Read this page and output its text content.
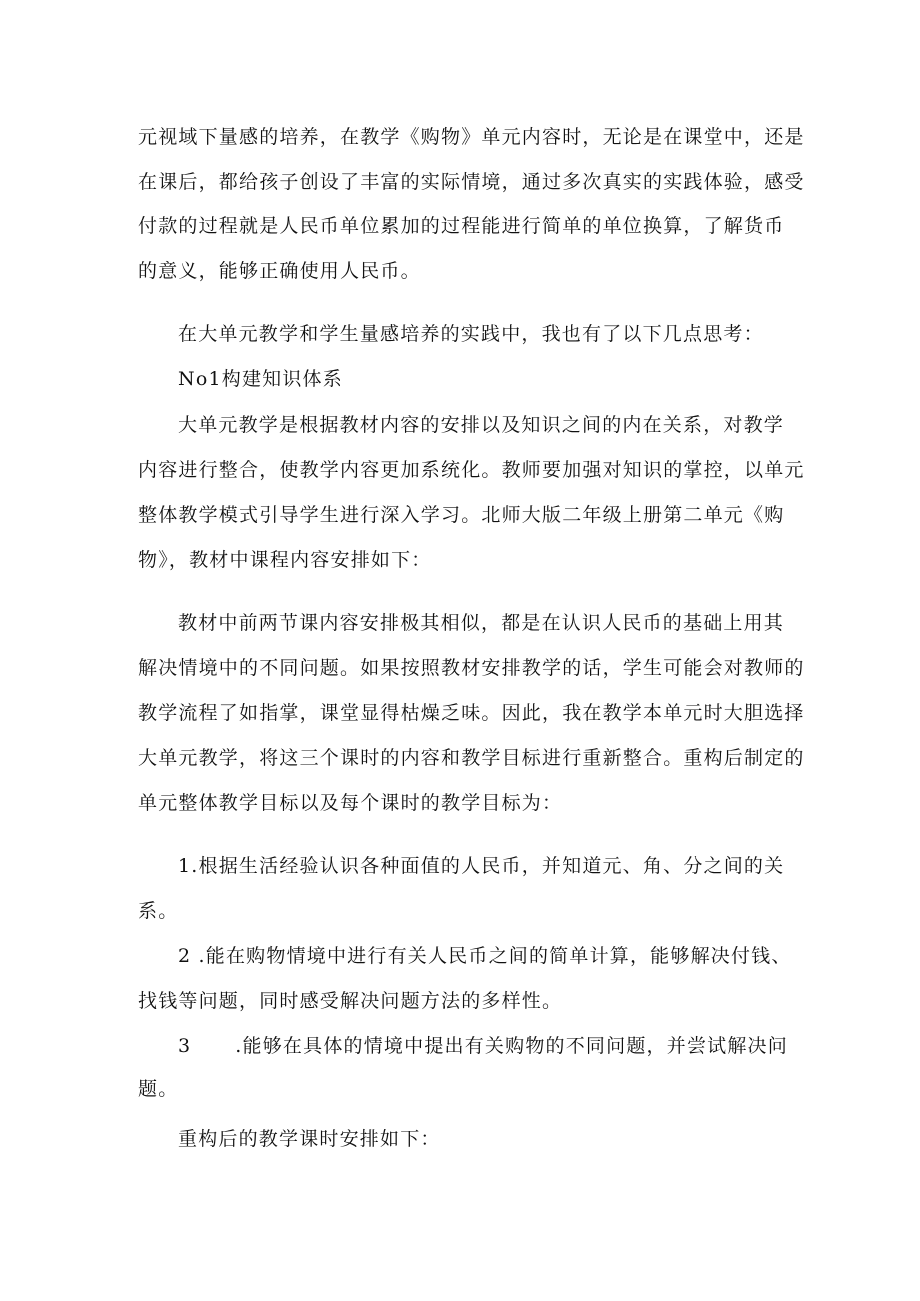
元视域下量感的培养，在教学《购物》单元内容时，无论是在课堂中，还是
在课后，都给孩子创设了丰富的实际情境，通过多次真实的实践体验，感受
付款的过程就是人民币单位累加的过程能进行简单的单位换算，了解货币
的意义，能够正确使用人民币。
在大单元教学和学生量感培养的实践中，我也有了以下几点思考：
No1构建知识体系
大单元教学是根据教材内容的安排以及知识之间的内在关系，对教学
内容进行整合，使教学内容更加系统化。教师要加强对知识的掌控，以单元
整体教学模式引导学生进行深入学习。北师大版二年级上册第二单元《购
物》，教材中课程内容安排如下：
教材中前两节课内容安排极其相似，都是在认识人民币的基础上用其
解决情境中的不同问题。如果按照教材安排教学的话，学生可能会对教师的
教学流程了如指掌，课堂显得枯燥乏味。因此，我在教学本单元时大胆选择
大单元教学，将这三个课时的内容和教学目标进行重新整合。重构后制定的
单元整体教学目标以及每个课时的教学目标为：
1.根据生活经验认识各种面值的人民币，并知道元、角、分之间的关
系。
2 .能在购物情境中进行有关人民币之间的简单计算，能够解决付钱、
找钱等问题，同时感受解决问题方法的多样性。
3 .能够在具体的情境中提出有关购物的不同问题，并尝试解决问
题。
重构后的教学课时安排如下：
